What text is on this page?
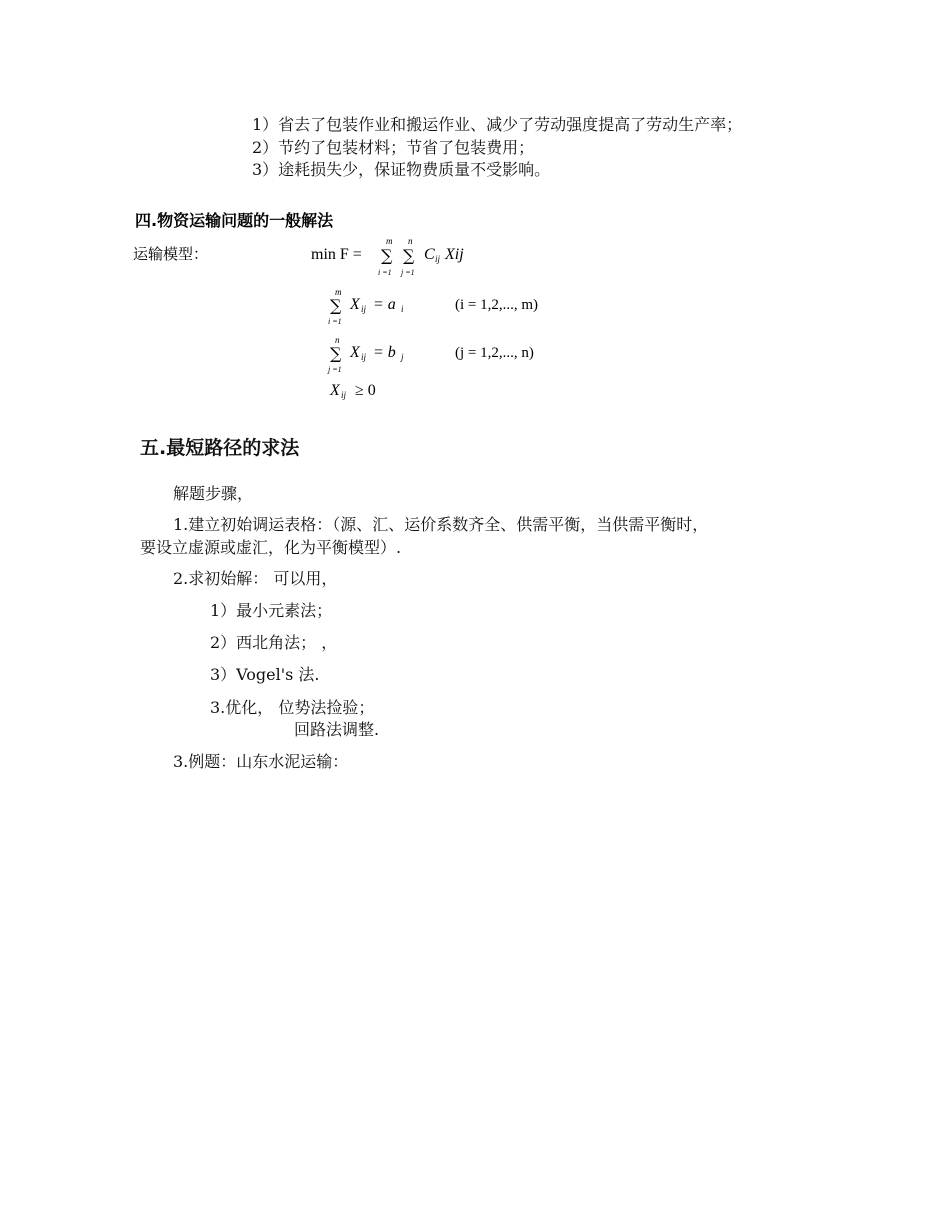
1）省去了包装作业和搬运作业、减少了劳动强度提高了劳动生产率；
2）节约了包装材料；节省了包装费用；
3）途耗损失少，保证物费质量不受影响。
四.物资运输问题的一般解法
运输模型：	min F =
m
∑
i =1
n
∑
j =1
C ij Xij
m
∑
i =1
X ij = a i	(i = 1,2,..., m)
n
∑
j =1
X ij = b j	(j = 1,2,..., n)
X ij ≥ 0
五.最短路径的求法
解题步骤，
1.建立初始调运表格：（源、汇、运价系数齐全、供需平衡，当供需平衡时，
要设立虚源或虚汇，化为平衡模型）.
2.求初始解： 可以用，
1）最小元素法；
2）西北角法； ，
3）Vogel's 法.
3.优化， 位势法捡验；
回路法调整.
3.例题：山东水泥运输：
